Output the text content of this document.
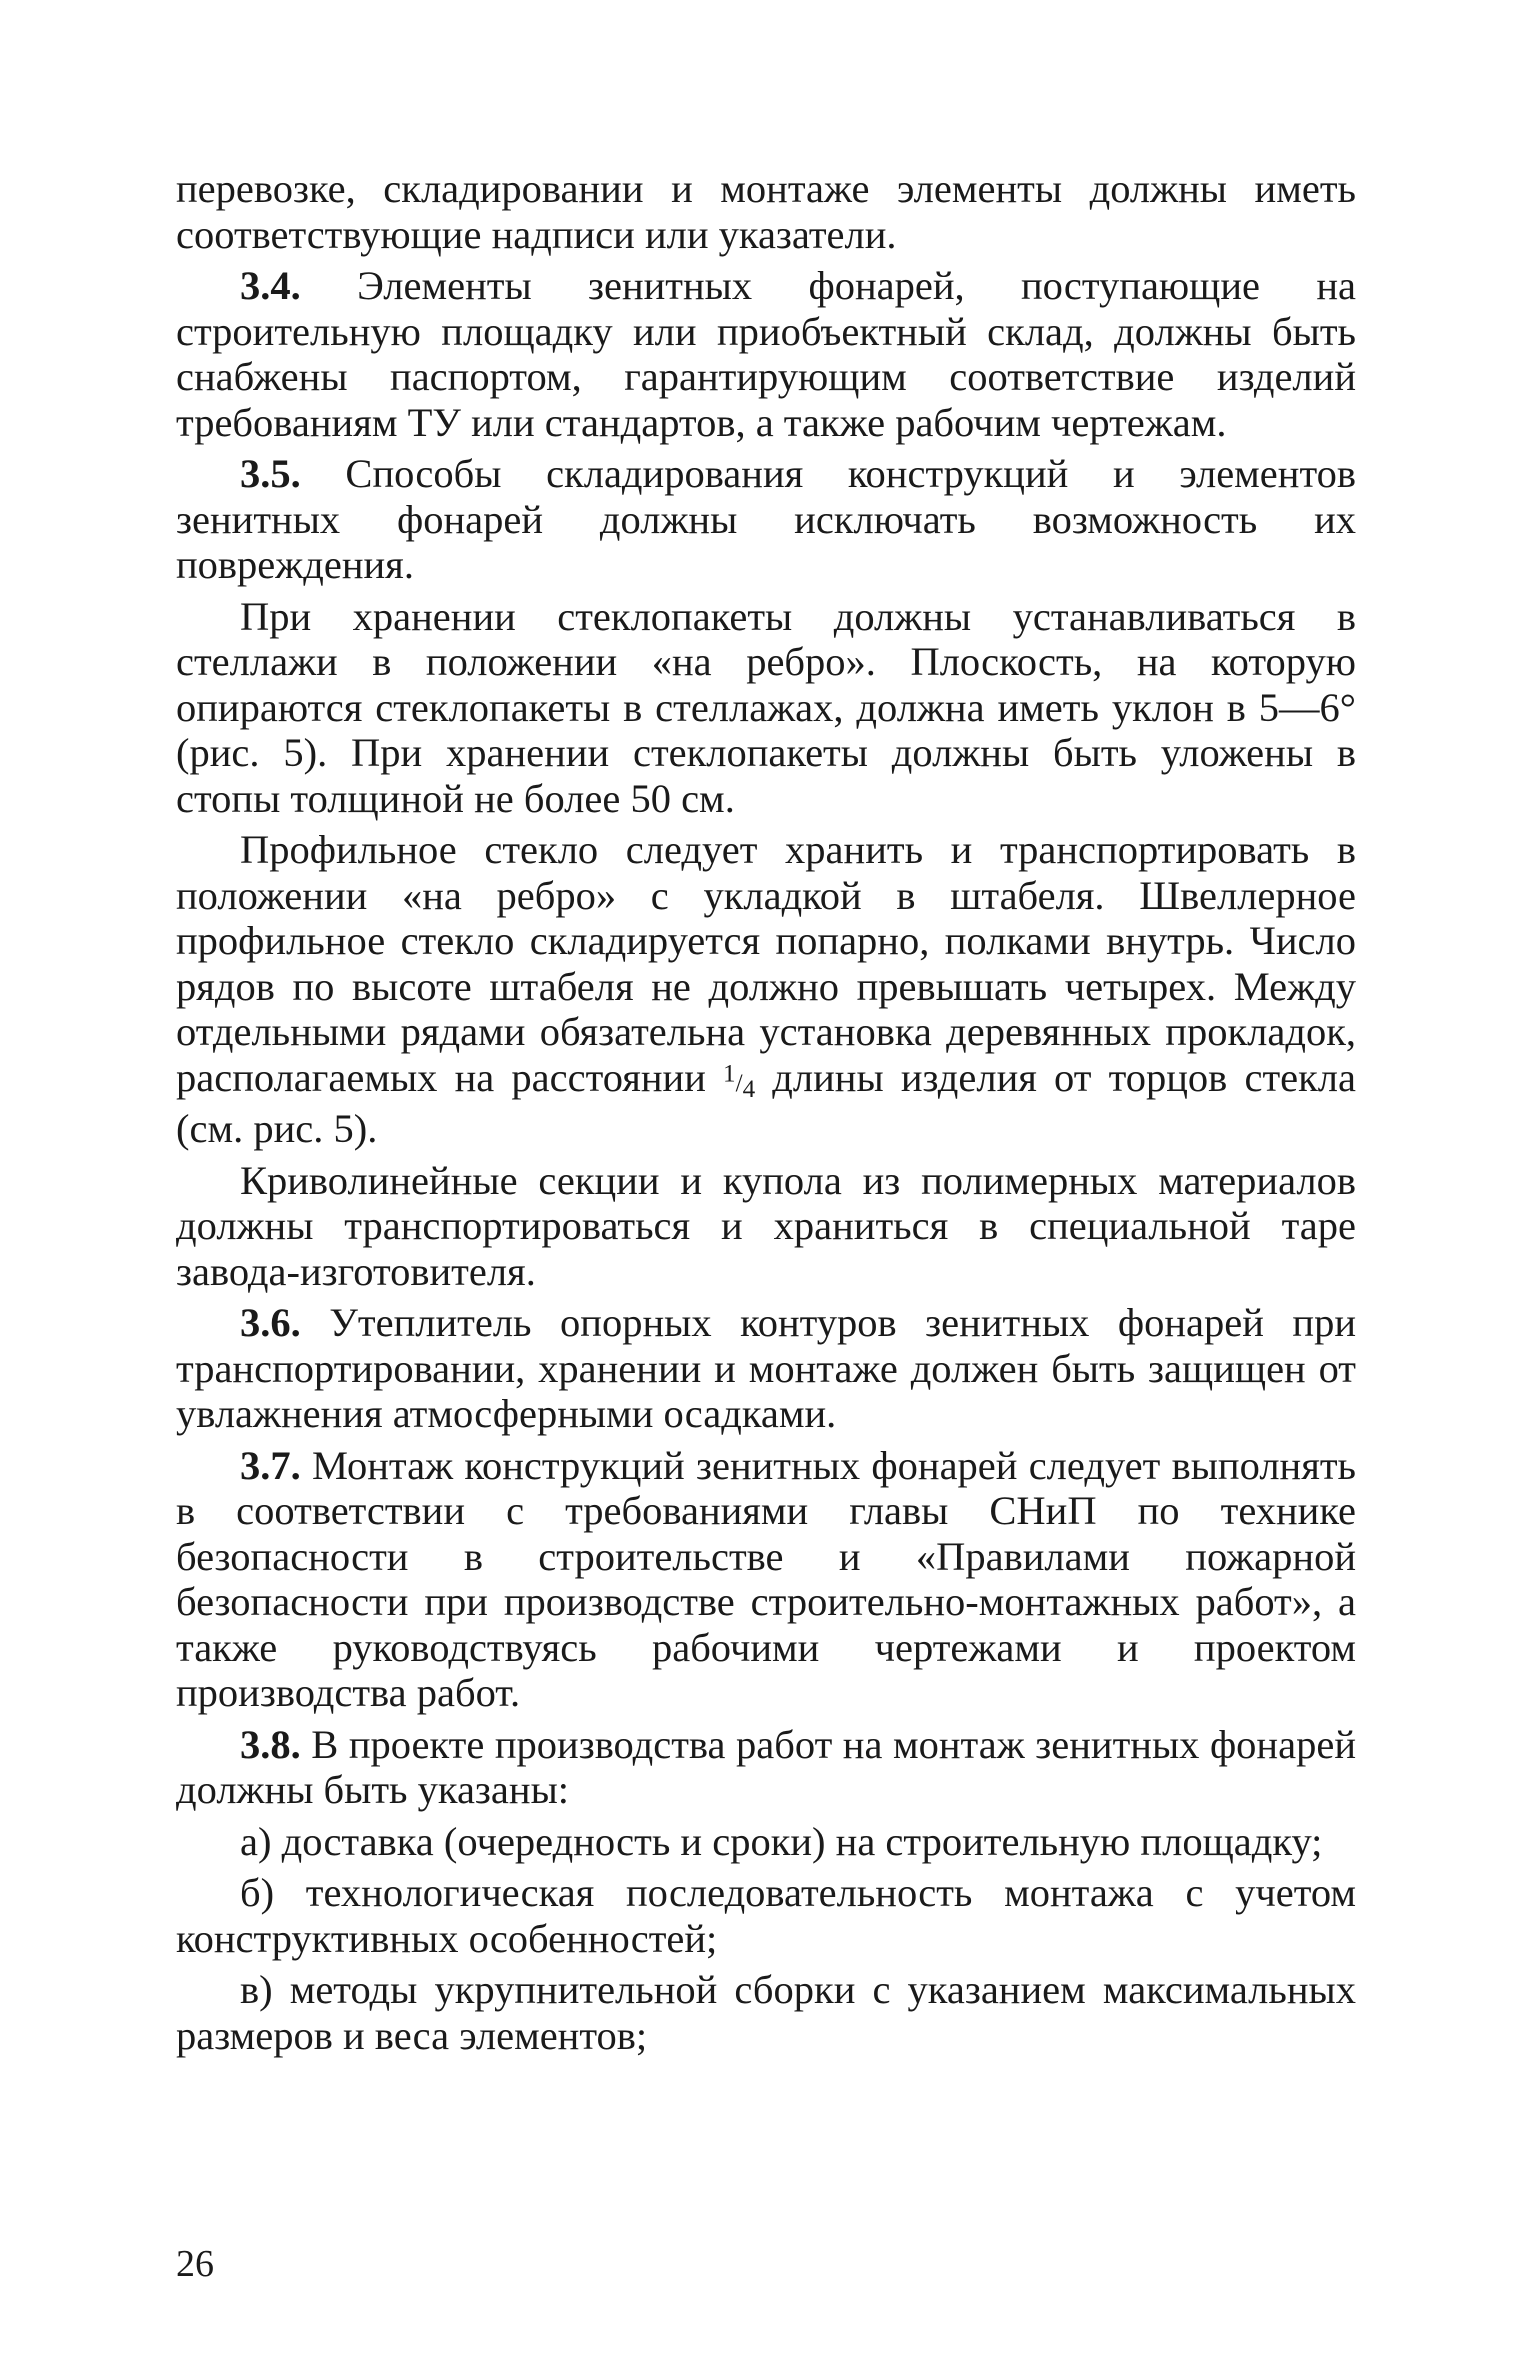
перевозке, складировании и монтаже элементы должны иметь соответствующие надписи или указатели.

3.4. Элементы зенитных фонарей, поступающие на строительную площадку или приобъектный склад, должны быть снабжены паспортом, гарантирующим соответствие изделий требованиям ТУ или стандартов, а также рабочим чертежам.

3.5. Способы складирования конструкций и элементов зенитных фонарей должны исключать возможность их повреждения.

При хранении стеклопакеты должны устанавливаться в стеллажи в положении «на ребро». Плоскость, на которую опираются стеклопакеты в стеллажах, должна иметь уклон в 5—6° (рис. 5). При хранении стеклопакеты должны быть уложены в стопы толщиной не более 50 см.

Профильное стекло следует хранить и транспортировать в положении «на ребро» с укладкой в штабеля. Швеллерное профильное стекло складируется попарно, полками внутрь. Число рядов по высоте штабеля не должно превышать четырех. Между отдельными рядами обязательна установка деревянных прокладок, располагаемых на расстоянии $^1/_4$ длины изделия от торцов стекла (см. рис. 5).

Криволинейные секции и купола из полимерных материалов должны транспортироваться и храниться в специальной таре завода-изготовителя.

3.6. Утеплитель опорных контуров зенитных фонарей при транспортировании, хранении и монтаже должен быть защищен от увлажнения атмосферными осадками.

3.7. Монтаж конструкций зенитных фонарей следует выполнять в соответствии с требованиями главы СНиП по технике безопасности в строительстве и «Правилами пожарной безопасности при производстве строительно-монтажных работ», а также руководствуясь рабочими чертежами и проектом производства работ.

3.8. В проекте производства работ на монтаж зенитных фонарей должны быть указаны:

а) доставка (очередность и сроки) на строительную площадку;

б) технологическая последовательность монтажа с учетом конструктивных особенностей;

в) методы укрупнительной сборки с указанием максимальных размеров и веса элементов;

26
